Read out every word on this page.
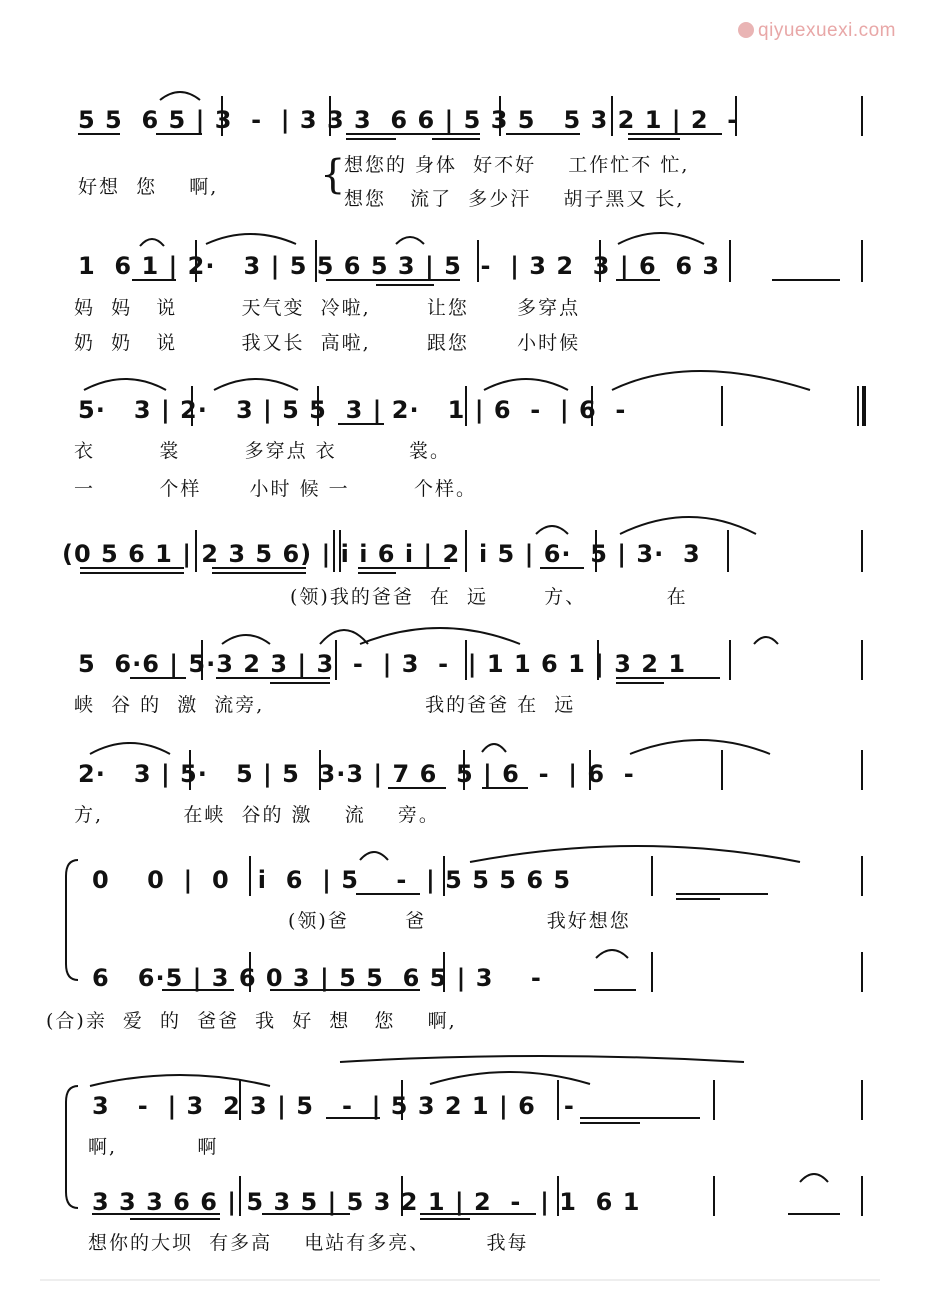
qiyuexuexi.com
5 5  6 5 | 3  -  | 3 3 3  6 6 | 5 3 5   5 3 2 1 | 2  -
好想  您    啊,	{
想您的 身体  好不好    工作忙不 忙,
想您   流了  多少汗    胡子黑又 长,
1  6 1 | 2·   3 | 5 5 6 5 3 | 5  -  | 3 2  3 | 6  6 3
妈  妈   说        天气变  冷啦,       让您      多穿点
奶  奶   说        我又长  高啦,       跟您      小时候
5·   3 | 2·   3 | 5 5  3 | 2·   1 | 6  -  | 6  -
衣        裳        多穿点 衣         裳。
一        个样      小时 候 一        个样。
(0 5 6 1 | 2 3 5 6) | i i 6 i | 2  i 5 | 6·  5 | 3·  3
(领)我的爸爸  在  远       方、          在
5  6·6 | 5·3 2 3 | 3  -  | 3  -  | 1 1 6 1 | 3 2 1
峡  谷 的  激  流旁,                    我的爸爸 在  远
2·   3 | 5·   5 | 5  3·3 | 7 6  5 | 6  -  | 6  -
方,          在峡  谷的 激    流    旁。
0    0  |  0   i  6  | 5    -  | 5 5 5 6 5
(领)爸       爸               我好想您
6   6·5 | 3 6 0 3 | 5 5  6 5 | 3    -
(合)亲  爱  的  爸爸  我  好  想   您    啊,
3   -  | 3  2 3 | 5   -  | 5 3 2 1 | 6   -
啊,          啊
3 3 3 6 6 | 5 3 5 | 5 3 2 1 | 2  -  | 1  6 1
想你的大坝  有多高    电站有多亮、       我每
